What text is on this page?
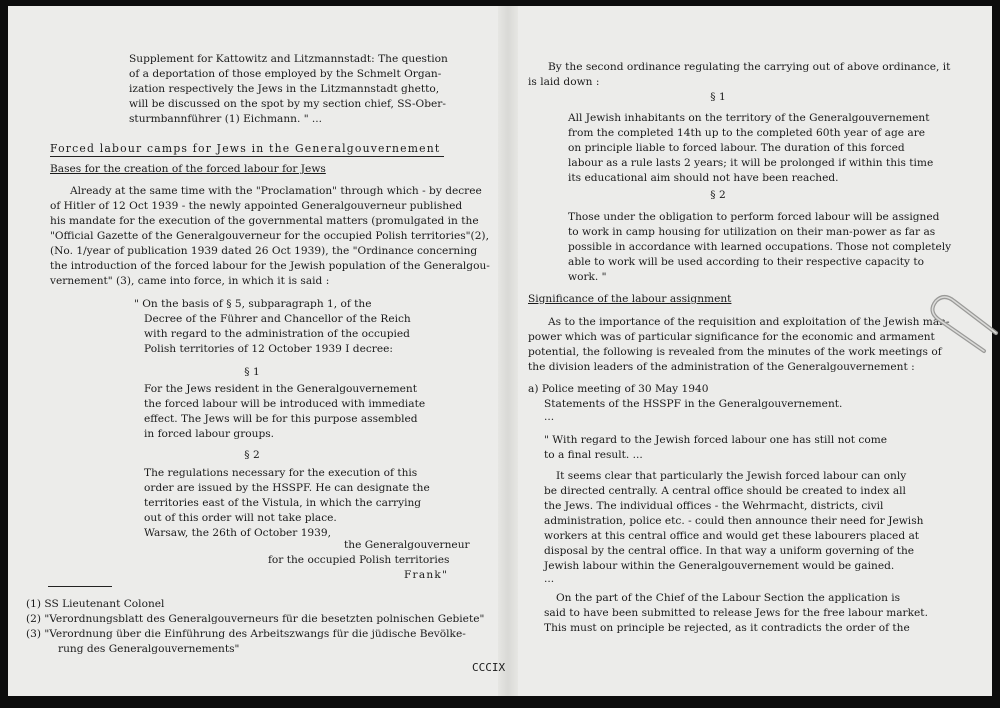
Supplement for Kattowitz and Litzmannstadt: The question
of a deportation of those employed by the Schmelt Organ-
ization respectively the Jews in the Litzmannstadt ghetto,
will be discussed on the spot by my section chief, SS-Ober-
sturmbannführer (1) Eichmann. " ...
Forced labour camps for Jews in the Generalgouvernement
Bases for the creation of the forced labour for Jews
Already at the same time with the "Proclamation" through which - by decree
of Hitler of 12 Oct 1939 - the newly appointed Generalgouverneur published
his mandate for the execution of the governmental matters (promulgated in the
"Official Gazette of the Generalgouverneur for the occupied Polish territories"(2),
(No. 1/year of publication 1939 dated 26 Oct 1939), the "Ordinance concerning
the introduction of the forced labour for the Jewish population of the Generalgou-
vernement" (3), came into force, in which it is said :
" On the basis of § 5, subparagraph 1, of the
Decree of the Führer and Chancellor of the Reich
with regard to the administration of the occupied
Polish territories of 12 October 1939 I decree:
§ 1
For the Jews resident in the Generalgouvernement
the forced labour will be introduced with immediate
effect. The Jews will be for this purpose assembled
in forced labour groups.
§ 2
The regulations necessary for the execution of this
order are issued by the HSSPF. He can designate the
territories east of the Vistula, in which the carrying
out of this order will not take place.
Warsaw, the 26th of October 1939,
the Generalgouverneur
for the occupied Polish territories
Frank"
(1) SS Lieutenant Colonel
(2) "Verordnungsblatt des Generalgouverneurs für die besetzten polnischen Gebiete"
(3) "Verordnung über die Einführung des Arbeitszwangs für die jüdische Bevölke-
rung des Generalgouvernements"
CCCIX
By the second ordinance regulating the carrying out of above ordinance, it
is laid down :
§ 1
All Jewish inhabitants on the territory of the Generalgouvernement
from the completed 14th up to the completed 60th year of age are
on principle liable to forced labour. The duration of this forced
labour as a rule lasts 2 years; it will be prolonged if within this time
its educational aim should not have been reached.
§ 2
Those under the obligation to perform forced labour will be assigned
to work in camp housing for utilization on their man-power as far as
possible in accordance with learned occupations. Those not completely
able to work will be used according to their respective capacity to
work. "
Significance of the labour assignment
As to the importance of the requisition and exploitation of the Jewish man-
power which was of particular significance for the economic and armament
potential, the following is revealed from the minutes of the work meetings of
the division leaders of the administration of the Generalgouvernement :
a) Police meeting of 30 May 1940
Statements of the HSSPF in the Generalgouvernement.
...
" With regard to the Jewish forced labour one has still not come
to a final result. ...
It seems clear that particularly the Jewish forced labour can only
be directed centrally. A central office should be created to index all
the Jews. The individual offices - the Wehrmacht, districts, civil
administration, police etc. - could then announce their need for Jewish
workers at this central office and would get these labourers placed at
disposal by the central office. In that way a uniform governing of the
Jewish labour within the Generalgouvernement would be gained.
...
On the part of the Chief of the Labour Section the application is
said to have been submitted to release Jews for the free labour market.
This must on principle be rejected, as it contradicts the order of the
